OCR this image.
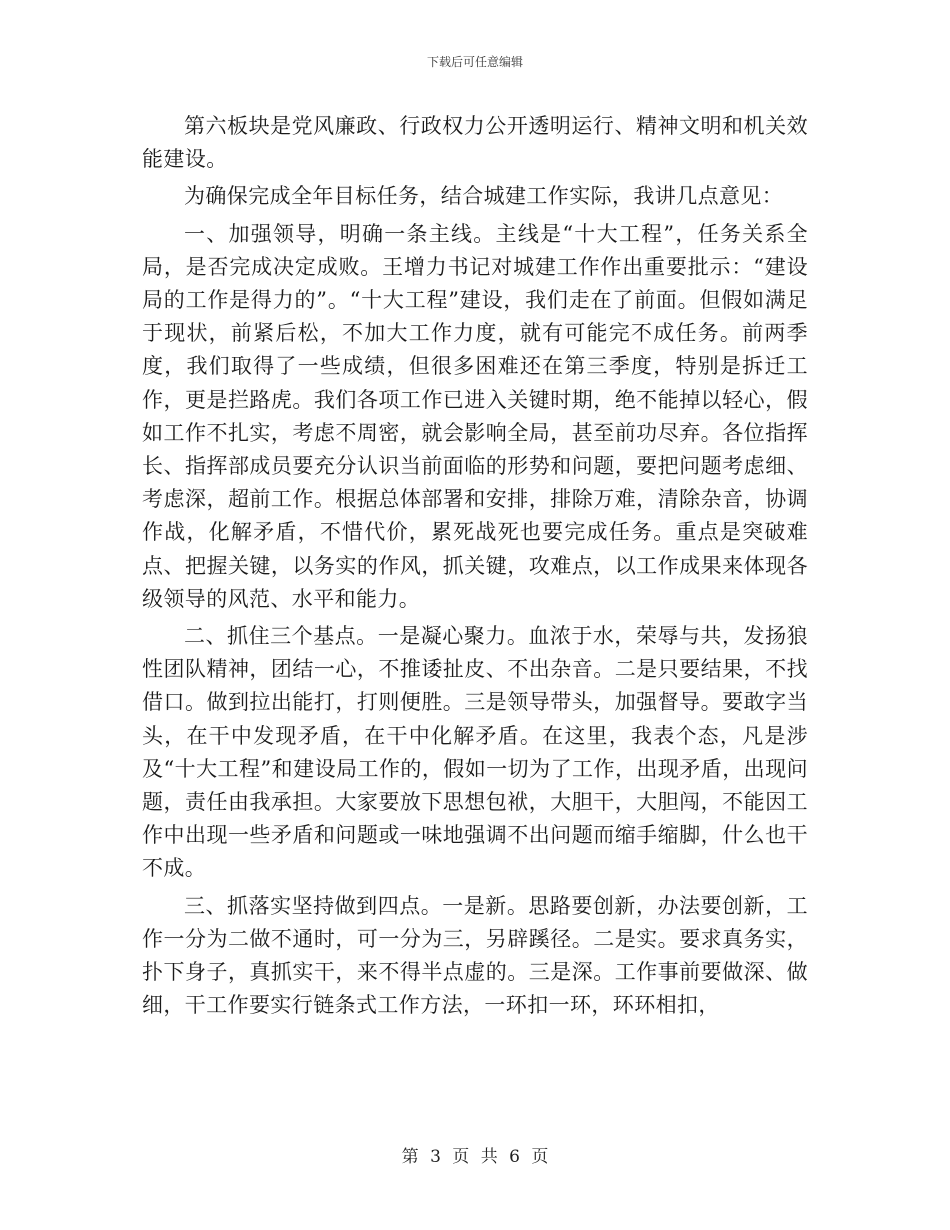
下载后可任意编辑

第六板块是党风廉政、行政权力公开透明运行、精神文明和机关效能建设。

为确保完成全年目标任务，结合城建工作实际，我讲几点意见：

一、加强领导，明确一条主线。主线是“十大工程”，任务关系全局，是否完成决定成败。王增力书记对城建工作作出重要批示：“建设局的工作是得力的”。“十大工程”建设，我们走在了前面。但假如满足于现状，前紧后松，不加大工作力度，就有可能完不成任务。前两季度，我们取得了一些成绩，但很多困难还在第三季度，特别是拆迁工作，更是拦路虎。我们各项工作已进入关键时期，绝不能掉以轻心，假如工作不扎实，考虑不周密，就会影响全局，甚至前功尽弃。各位指挥长、指挥部成员要充分认识当前面临的形势和问题，要把问题考虑细、考虑深，超前工作。根据总体部署和安排，排除万难，清除杂音，协调作战，化解矛盾，不惜代价，累死战死也要完成任务。重点是突破难点、把握关键，以务实的作风，抓关键，攻难点，以工作成果来体现各级领导的风范、水平和能力。

二、抓住三个基点。一是凝心聚力。血浓于水，荣辱与共，发扬狼性团队精神，团结一心，不推诿扯皮、不出杂音。二是只要结果，不找借口。做到拉出能打，打则便胜。三是领导带头，加强督导。要敢字当头，在干中发现矛盾，在干中化解矛盾。在这里，我表个态，凡是涉及“十大工程”和建设局工作的，假如一切为了工作，出现矛盾，出现问题，责任由我承担。大家要放下思想包袱，大胆干，大胆闯，不能因工作中出现一些矛盾和问题或一味地强调不出问题而缩手缩脚，什么也干不成。

三、抓落实坚持做到四点。一是新。思路要创新，办法要创新，工作一分为二做不通时，可一分为三，另辟蹊径。二是实。要求真务实，扑下身子，真抓实干，来不得半点虚的。三是深。工作事前要做深、做细，干工作要实行链条式工作方法，一环扣一环，环环相扣，

第 3 页 共 6 页
